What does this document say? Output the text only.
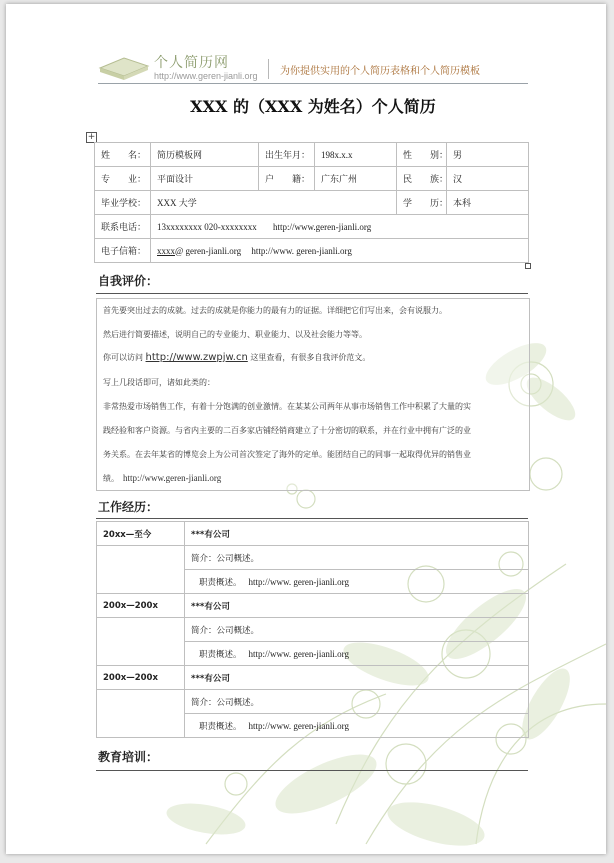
个人简历网
http://www.geren-jianli.org 为你提供实用的个人简历表格和个人简历模板
XXX 的（XXX 为姓名）个人简历
+
姓　　名：	简历模板网	出生年月：	198x.x.x	性　　别：	男
专　　业：	平面设计	户　　籍：	广东广州	民　　族：	汉
毕业学校：	XXX 大学			学　　历：	本科
联系电话：	13xxxxxxxx 020-xxxxxxxx http://www.geren-jianli.org				
电子信箱：	xxxx@ geren-jianli.org http://www. geren-jianli.org				
自我评价：

首先要突出过去的成就。过去的成就是你能力的最有力的证据。详细把它们写出来，会有说服力。

然后进行简要描述，说明自己的专业能力、职业能力、以及社会能力等等。

你可以访问 http://www.zwpjw.cn 这里查看，有很多自我评价范文。

写上几段话即可，诸如此类的：

非常热爱市场销售工作，有着十分饱满的创业激情。在某某公司两年从事市场销售工作中积累了大量的实

践经验和客户资源。与省内主要的二百多家店铺经销商建立了十分密切的联系，并在行业中拥有广泛的业

务关系。在去年某省的博览会上为公司首次签定了海外的定单。能团结自己的同事一起取得优异的销售业

绩。　 http://www.geren-jianli.org

工作经历：
20xx—至今	***有公司
	简介：公司概述。
	职责概述。　 http://www. geren-jianli.org
200x—200x	***有公司
	简介：公司概述。
	职责概述。　 http://www. geren-jianli.org
200x—200x	***有公司
	简介：公司概述。
	职责概述。　 http://www. geren-jianli.org
教育培训：
